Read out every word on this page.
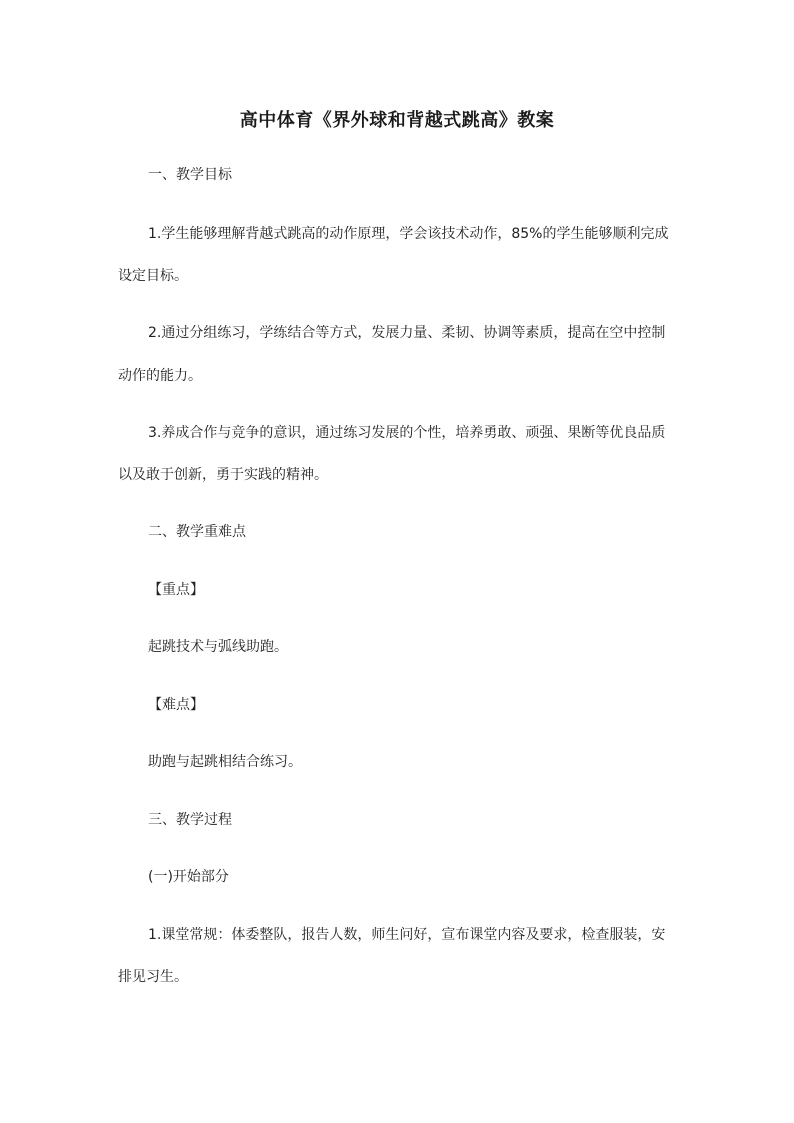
高中体育《界外球和背越式跳高》教案
一、教学目标
1.学生能够理解背越式跳高的动作原理，学会该技术动作，85%的学生能够顺利完成
设定目标。
2.通过分组练习，学练结合等方式，发展力量、柔韧、协调等素质，提高在空中控制
动作的能力。
3.养成合作与竞争的意识，通过练习发展的个性，培养勇敢、顽强、果断等优良品质
以及敢于创新，勇于实践的精神。
二、教学重难点
【重点】
起跳技术与弧线助跑。
【难点】
助跑与起跳相结合练习。
三、教学过程
(一)开始部分
1.课堂常规：体委整队，报告人数，师生问好，宣布课堂内容及要求，检查服装，安
排见习生。
